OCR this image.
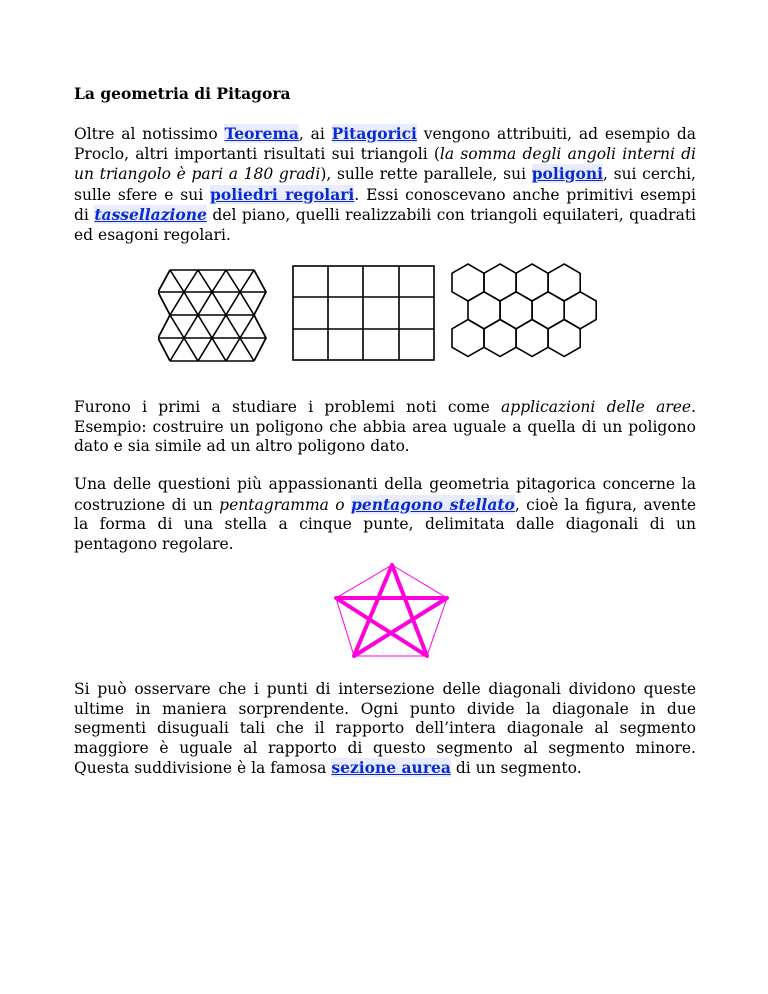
La geometria di Pitagora

Oltre al notissimo Teorema, ai Pitagorici vengono attribuiti, ad esempio da Proclo, altri importanti risultati sui triangoli (la somma degli angoli interni di un triangolo è pari a 180 gradi), sulle rette parallele, sui poligoni, sui cerchi, sulle sfere e sui poliedri regolari. Essi conoscevano anche primitivi esempi di tassellazione del piano, quelli realizzabili con triangoli equilateri, quadrati ed esagoni regolari.

Furono i primi a studiare i problemi noti come applicazioni delle aree. Esempio: costruire un poligono che abbia area uguale a quella di un poligono dato e sia simile ad un altro poligono dato.

Una delle questioni più appassionanti della geometria pitagorica concerne la costruzione di un pentagramma o pentagono stellato, cioè la figura, avente la forma di una stella a cinque punte, delimitata dalle diagonali di un pentagono regolare.

Si può osservare che i punti di intersezione delle diagonali dividono queste ultime in maniera sorprendente. Ogni punto divide la diagonale in due segmenti disuguali tali che il rapporto dell’intera diagonale al segmento maggiore è uguale al rapporto di questo segmento al segmento minore. Questa suddivisione è la famosa sezione aurea di un segmento.
